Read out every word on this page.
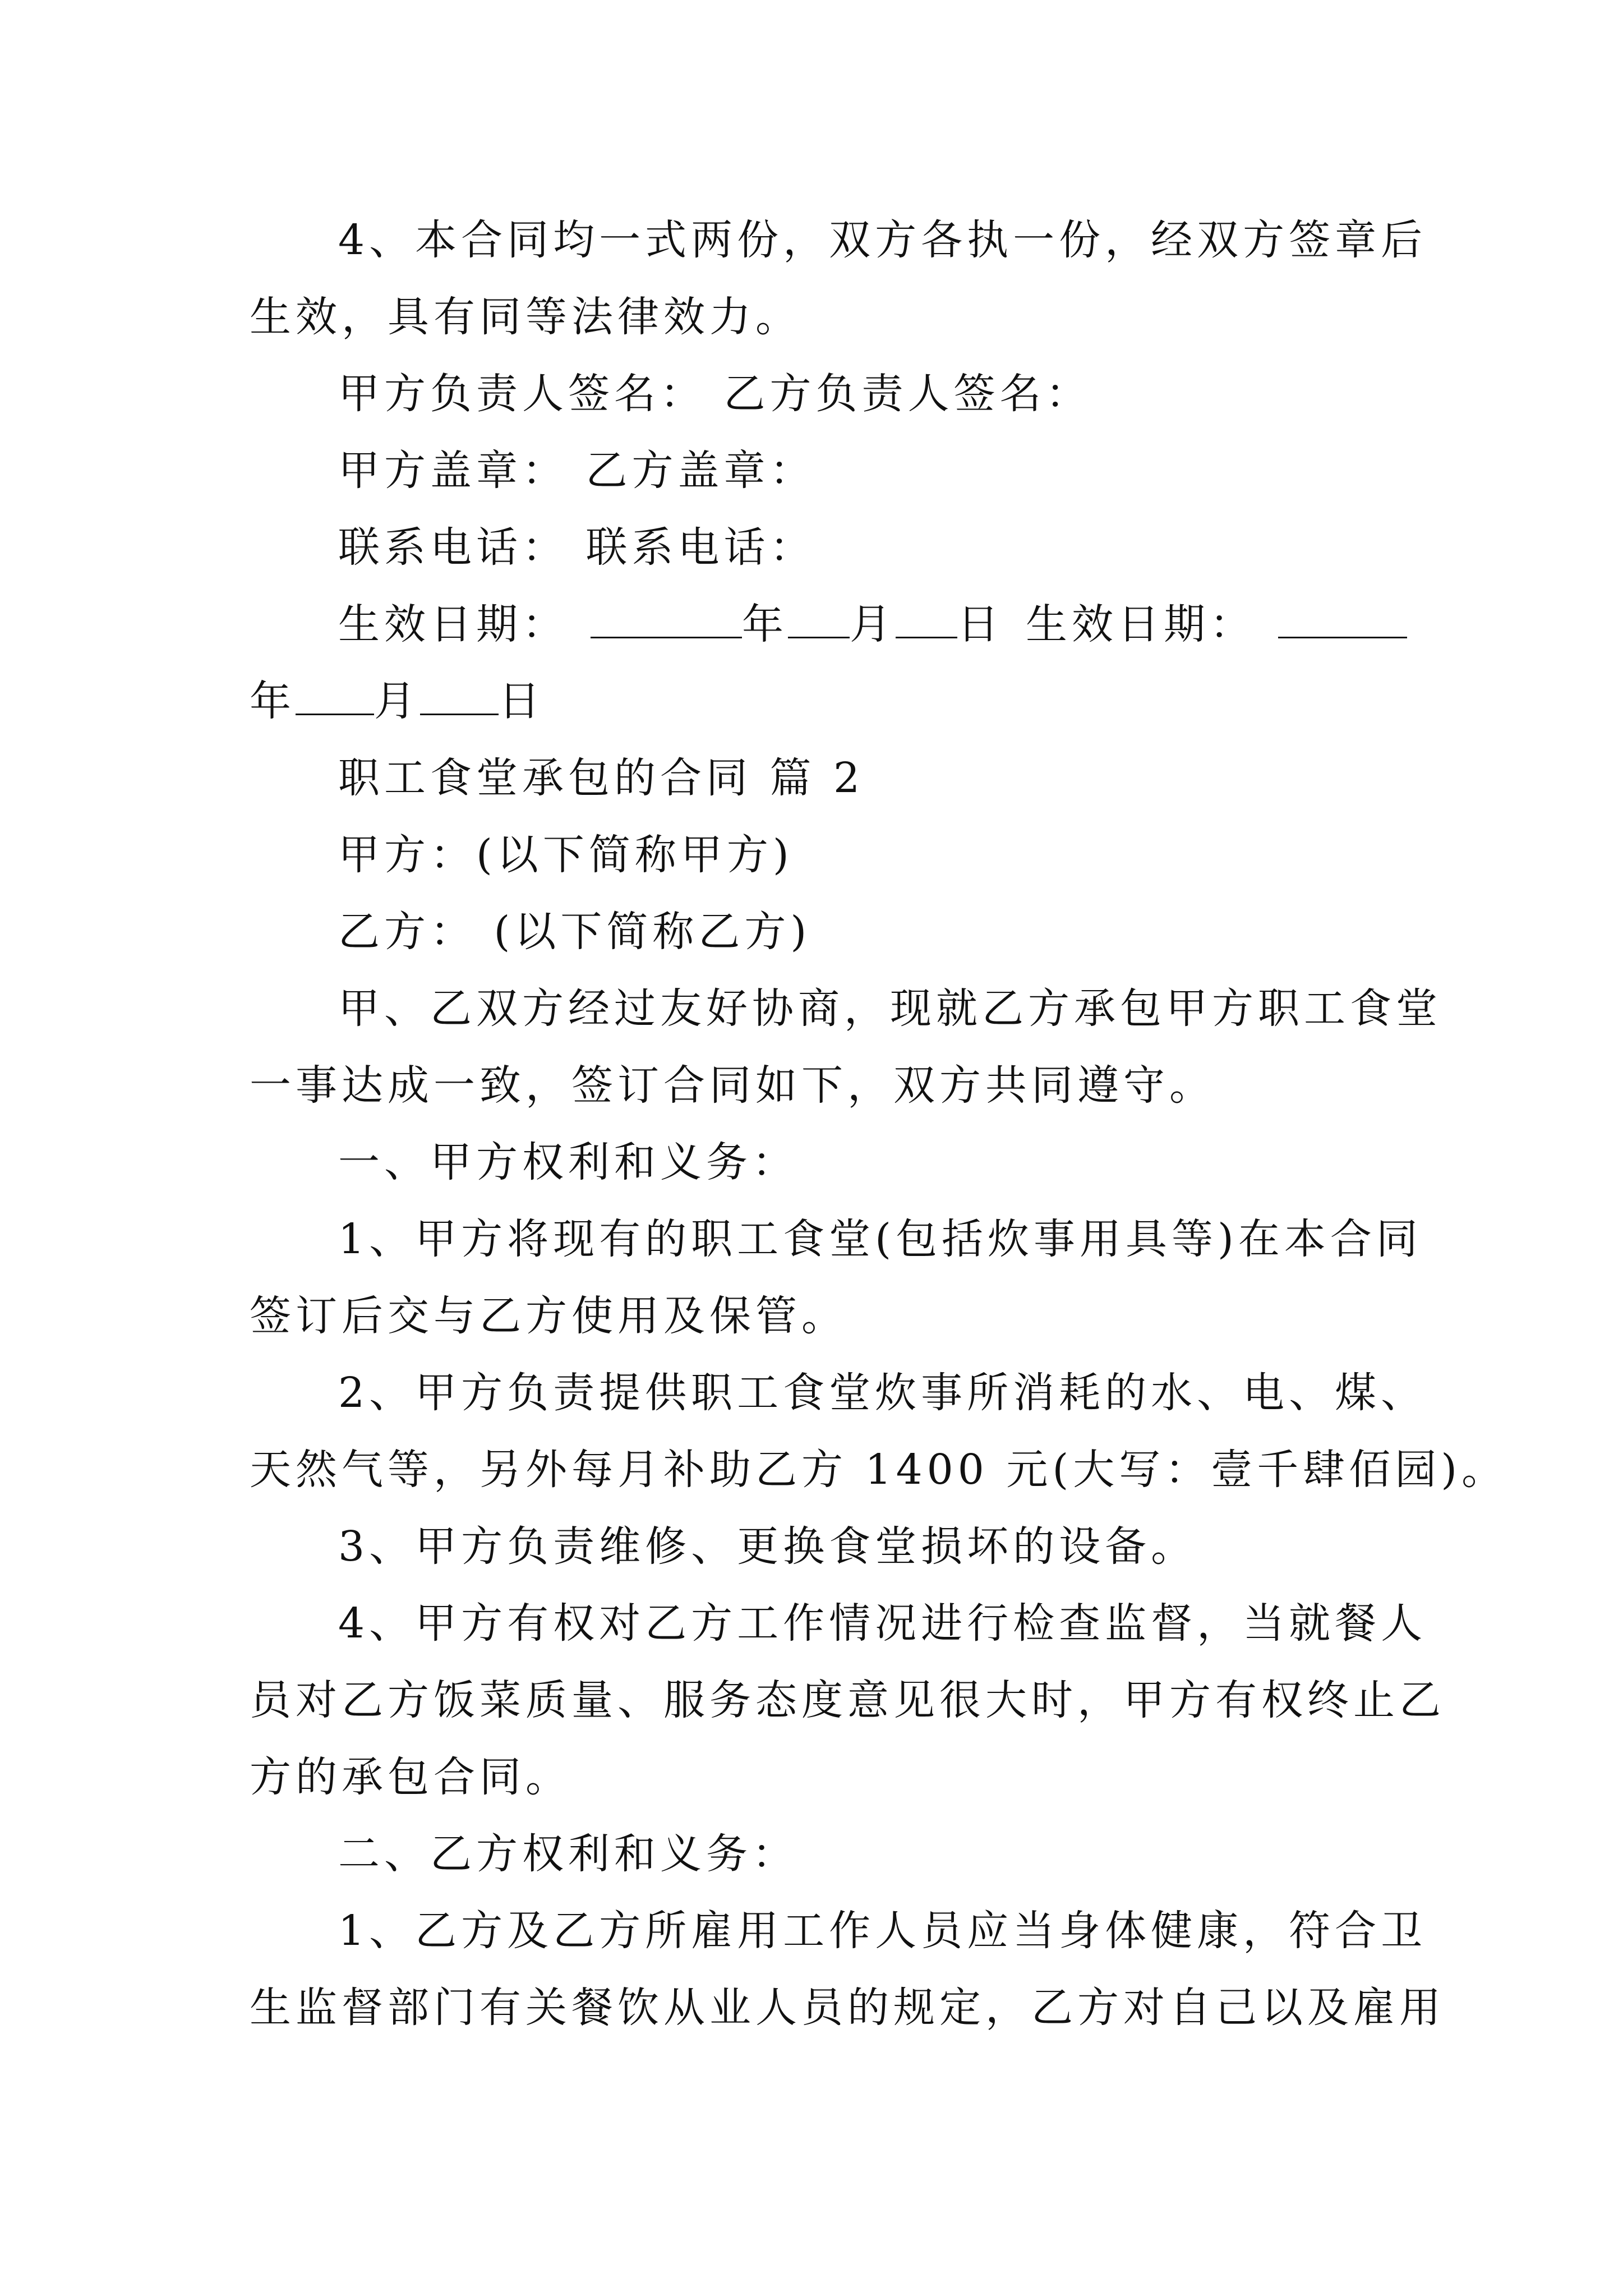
4、本合同均一式两份，双方各执一份，经双方签章后
生效，具有同等法律效力。
甲方负责人签名： 乙方负责人签名：
甲方盖章： 乙方盖章：
联系电话： 联系电话：
生效日期：	年 月 日 生效日期：
年 月 日
职工食堂承包的合同 篇 2
甲方：(以下简称甲方)
乙方： (以下简称乙方)
甲、乙双方经过友好协商，现就乙方承包甲方职工食堂
一事达成一致，签订合同如下，双方共同遵守。
一、甲方权利和义务：
1、甲方将现有的职工食堂(包括炊事用具等)在本合同
签订后交与乙方使用及保管。
2、甲方负责提供职工食堂炊事所消耗的水、电、煤、
天然气等，另外每月补助乙方 1400 元(大写：壹千肆佰园)。
3、甲方负责维修、更换食堂损坏的设备。
4、甲方有权对乙方工作情况进行检查监督，当就餐人
员对乙方饭菜质量、服务态度意见很大时，甲方有权终止乙
方的承包合同。
二、乙方权利和义务：
1、乙方及乙方所雇用工作人员应当身体健康，符合卫
生监督部门有关餐饮从业人员的规定，乙方对自己以及雇用
